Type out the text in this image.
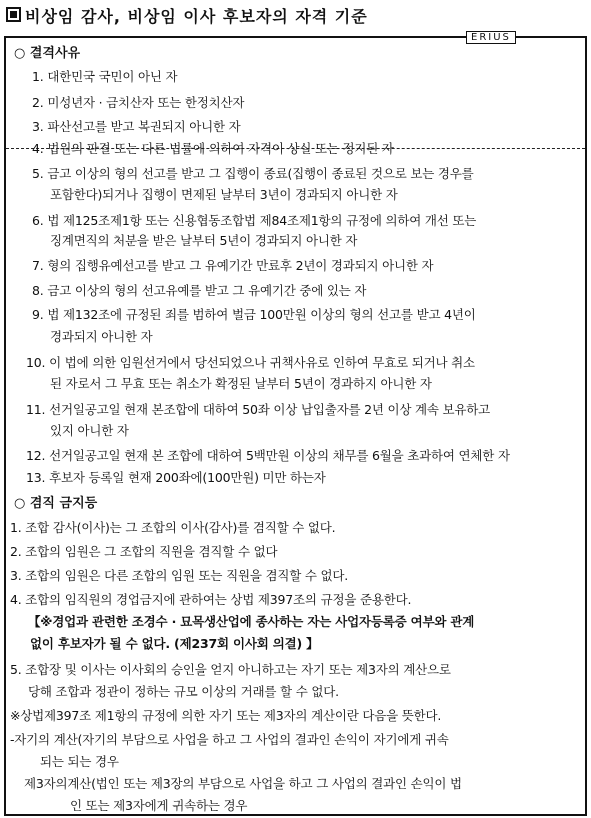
비상임 감사, 비상임 이사 후보자의 자격 기준
ERIUS
○ 결격사유
1. 대한민국 국민이 아닌 자
2. 미성년자 · 금치산자 또는 한정치산자
3. 파산선고를 받고 복권되지 아니한 자
4. 법원의 판결 또는 다른 법률에 의하여 자격이 상실 또는 정지된 자
5. 금고 이상의 형의 선고를 받고 그 집행이 종료(집행이 종료된 것으로 보는 경우를
포함한다)되거나 집행이 면제된 날부터 3년이 경과되지 아니한 자
6. 법 제125조제1항 또는 신용협동조합법 제84조제1항의 규정에 의하여 개선 또는
징계면직의 처분을 받은 날부터 5년이 경과되지 아니한 자
7. 형의 집행유예선고를 받고 그 유예기간 만료후 2년이 경과되지 아니한 자
8. 금고 이상의 형의 선고유예를 받고 그 유예기간 중에 있는 자
9. 법 제132조에 규정된 죄를 범하여 벌금 100만원 이상의 형의 선고를 받고 4년이
경과되지 아니한 자
10. 이 법에 의한 임원선거에서 당선되었으나 귀책사유로 인하여 무효로 되거나 취소
된 자로서 그 무효 또는 취소가 확정된 날부터 5년이 경과하지 아니한 자
11. 선거일공고일 현재 본조합에 대하여 50좌 이상 납입출자를 2년 이상 계속 보유하고
있지 아니한 자
12. 선거일공고일 현재 본 조합에 대하여 5백만원 이상의 채무를 6월을 초과하여 연체한 자
13. 후보자 등록일 현재 200좌에(100만원) 미만 하는자
○ 겸직 금지등
1. 조합 감사(이사)는 그 조합의 이사(감사)를 겸직할 수 없다.
2. 조합의 임원은 그 조합의 직원을 겸직할 수 없다
3. 조합의 임원은 다른 조합의 임원 또는 직원을 겸직할 수 없다.
4. 조합의 임직원의 경업금지에 관하여는 상법 제397조의 규정을 준용한다.
【※경업과 관련한 조경수 · 묘목생산업에 종사하는 자는 사업자등록증 여부와 관계
없이 후보자가 될 수 없다. (제237회 이사회 의결) 】
5. 조합장 및 이사는 이사회의 승인을 얻지 아니하고는 자기 또는 제3자의 계산으로
당해 조합과 정관이 정하는 규모 이상의 거래를 할 수 없다.
※상법제397조 제1항의 규정에 의한 자기 또는 제3자의 계산이란 다음을 뜻한다.
-자기의 계산(자기의 부담으로 사업을 하고 그 사업의 결과인 손익이 자기에게 귀속
되는 되는 경우
제3자의계산(법인 또는 제3장의 부담으로 사업을 하고 그 사업의 결과인 손익이 법
인 또는 제3자에게 귀속하는 경우
